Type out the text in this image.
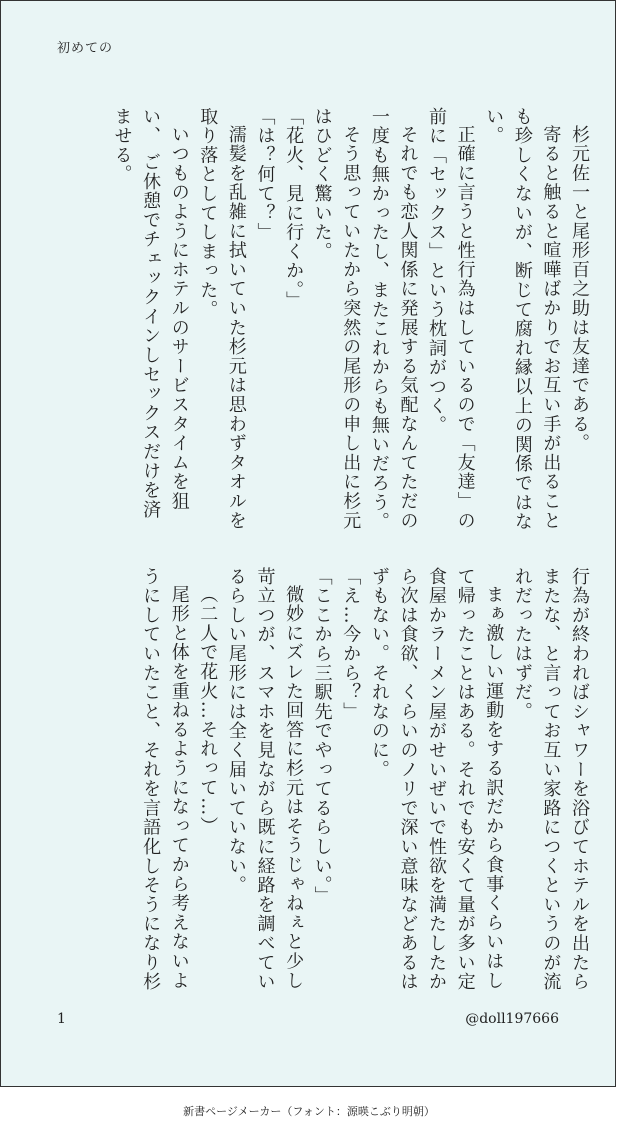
初めての

杉元佐一と尾形百之助は友達である。

寄ると触ると喧嘩ばかりでお互い手が出ること も珍しくないが、断じて腐れ縁以上の関係ではな い。

正確に言うと性行為はしているので「友達」の 前に「セックス」という枕詞がつく。

それでも恋人関係に発展する気配なんてただの 一度も無かったし、またこれからも無いだろう。

そう思っていたから突然の尾形の申し出に杉元 はひどく驚いた。

「花火、見に行くか。」

「は？何て？」

濡髪を乱雑に拭いていた杉元は思わずタオルを 取り落としてしまった。

いつものようにホテルのサービスタイムを狙い、 ご休憩でチェックインしセックスだけを済ませる。

行為が終わればシャワーを浴びてホテルを出たら またな、と言ってお互い家路につくというのが流 れだったはずだ。

まぁ激しい運動をする訳だから食事くらいはし て帰ったことはある。それでも安くて量が多い定 食屋かラーメン屋がせいぜいで性欲を満たしたか ら次は食欲、くらいのノリで深い意味などあるは ずもない。それなのに。

「え…今から？」

「ここから三駅先でやってるらしい。」

微妙にズレた回答に杉元はそうじゃねぇと少し 苛立つが、スマホを見ながら既に経路を調べてい るらしい尾形には全く届いていない。

（二人で花火…それって…）

尾形と体を重ねるようになってから考えないよ うにしていたこと、それを言語化しそうになり杉

1	@doll197666
新書ページメーカー（フォント：源暎こぶり明朝）
